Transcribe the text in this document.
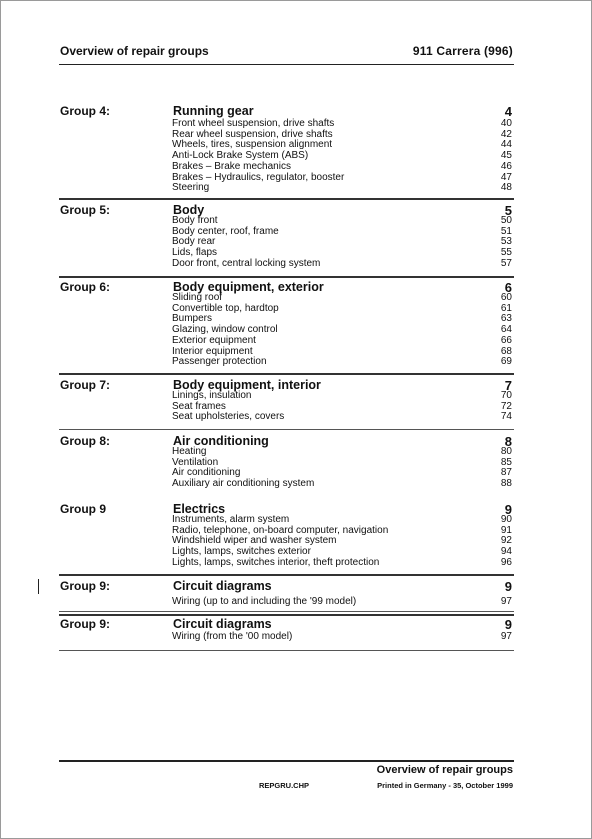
Overview of repair groups	911 Carrera (996)
Group 4:	Running gear	4
Front wheel suspension, drive shafts	40
Rear wheel suspension, drive shafts	42
Wheels, tires, suspension alignment	44
Anti-Lock Brake System (ABS)	45
Brakes – Brake mechanics	46
Brakes – Hydraulics, regulator, booster	47
Steering	48
Group 5:	Body	5
Body front	50
Body center, roof, frame	51
Body rear	53
Lids, flaps	55
Door front, central locking system	57
Group 6:	Body equipment, exterior	6
Sliding roof	60
Convertible top, hardtop	61
Bumpers	63
Glazing, window control	64
Exterior equipment	66
Interior equipment	68
Passenger protection	69
Group 7:	Body equipment, interior	7
Linings, insulation	70
Seat frames	72
Seat upholsteries, covers	74
Group 8:	Air conditioning	8
Heating	80
Ventilation	85
Air conditioning	87
Auxiliary air conditioning system	88
Group 9	Electrics	9
Instruments, alarm system	90
Radio, telephone, on-board computer, navigation	91
Windshield wiper and washer system	92
Lights, lamps, switches exterior	94
Lights, lamps, switches interior, theft protection	96
Group 9:	Circuit diagrams	9
Wiring (up to and including the '99 model)	97
Group 9:	Circuit diagrams	9
Wiring (from the '00 model)	97
Overview of repair groups
REPGRU.CHP	Printed in Germany - 35, October 1999
